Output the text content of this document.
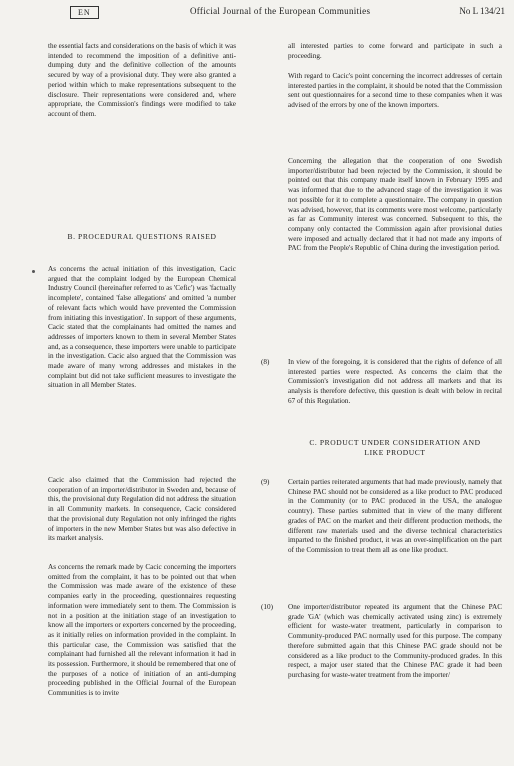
EN	Official Journal of the European Communities	No L 134/21

the essential facts and considerations on the basis of which it was intended to recommend the imposition of a definitive anti-dumping duty and the definitive collection of the amounts secured by way of a provisional duty. They were also granted a period within which to make representations subsequent to the disclosure. Their representations were considered and, where appropriate, the Commission's findings were modified to take account of them.

B. PROCEDURAL QUESTIONS RAISED

As concerns the actual initiation of this investigation, Cacic argued that the complaint lodged by the European Chemical Industry Council (hereinafter referred to as 'Cefic') was 'factually incomplete', contained 'false allegations' and omitted 'a number of relevant facts which would have prevented the Commission from initiating this investigation'. In support of these arguments, Cacic stated that the complainants had omitted the names and addresses of importers known to them in several Member States and, as a consequence, these importers were unable to participate in the investigation. Cacic also argued that the Commission was made aware of many wrong addresses and mistakes in the complaint but did not take sufficient measures to investigate the situation in all Member States.

Cacic also claimed that the Commission had rejected the cooperation of an importer/distributor in Sweden and, because of this, the provisional duty Regulation did not address the situation in all Community markets. In consequence, Cacic considered that the provisional duty Regulation not only infringed the rights of importers in the new Member States but was also defective in its market analysis.

As concerns the remark made by Cacic concerning the importers omitted from the complaint, it has to be pointed out that when the Commission was made aware of the existence of these companies early in the proceeding, questionnaires requesting information were immediately sent to them. The Commission is not in a position at the initiation stage of an investigation to know all the importers or exporters concerned by the proceeding, as it initially relies on information provided in the complaint. In this particular case, the Commission was satisfied that the complainant had furnished all the relevant information it had in its possession. Furthermore, it should be remembered that one of the purposes of a notice of initiation of an anti-dumping proceeding published in the Official Journal of the European Communities is to invite

all interested parties to come forward and participate in such a proceeding.

With regard to Cacic's point concerning the incorrect addresses of certain interested parties in the complaint, it should be noted that the Commission sent out questionnaires for a second time to these companies when it was advised of the errors by one of the known importers.

Concerning the allegation that the cooperation of one Swedish importer/distributor had been rejected by the Commission, it should be pointed out that this company made itself known in February 1995 and was informed that due to the advanced stage of the investigation it was not possible for it to complete a questionnaire. The company in question was advised, however, that its comments were most welcome, particularly as far as Community interest was concerned. Subsequent to this, the company only contacted the Commission again after provisional duties were imposed and actually declared that it had not made any imports of PAC from the People's Republic of China during the investigation period.

(8)	In view of the foregoing, it is considered that the rights of defence of all interested parties were respected. As concerns the claim that the Commission's investigation did not address all markets and that its analysis is therefore defective, this question is dealt with below in recital 67 of this Regulation.

C. PRODUCT UNDER CONSIDERATION AND
LIKE PRODUCT
(9)	Certain parties reiterated arguments that had made previously, namely that Chinese PAC should not be considered as a like product to PAC produced in the Community (or to PAC produced in the USA, the analogue country). These parties submitted that in view of the many different grades of PAC on the market and their different production methods, the different raw materials used and the diverse technical characteristics imparted to the finished product, it was an over-simplification on the part of the Commission to treat them all as one like product.

(10) One importer/distributor repeated its argument that the Chinese PAC grade 'GA' (which was chemically activated using zinc) is extremely efficient for waste-water treatment, particularly in comparison to Community-produced PAC normally used for this purpose. The company therefore submitted again that this Chinese PAC grade should not be considered as a like product to the Community-produced grades. In this respect, a major user stated that the Chinese PAC grade it had been purchasing for waste-water treatment from the importer/
